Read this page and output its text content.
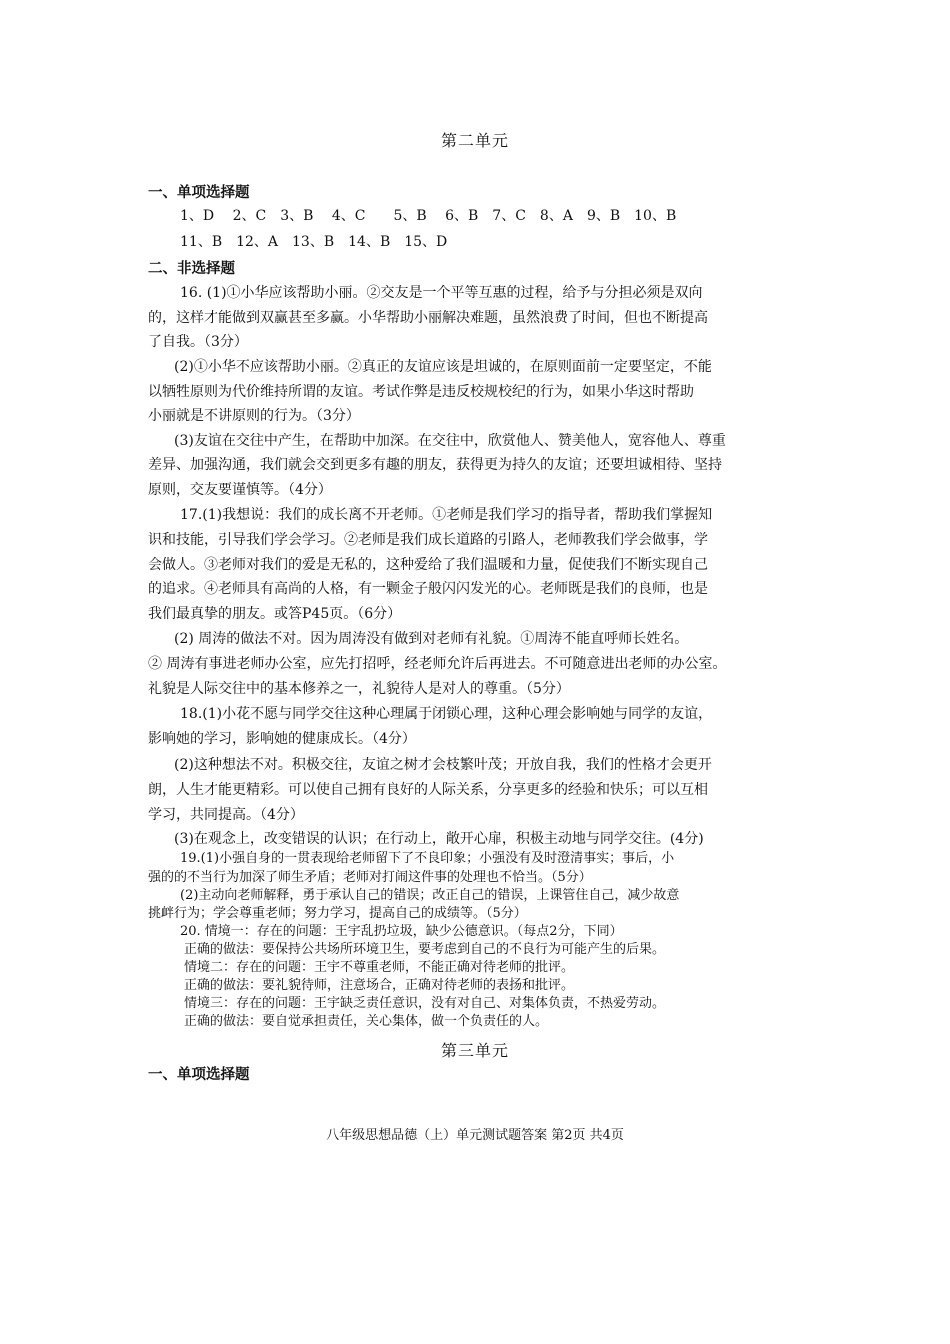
第二单元
一、单项选择题
1、D　 2、C　3、B　 4、C　　5、B　 6、B　7、C　8、A　9、B　10、B
11、B　12、A　13、B　14、B　15、D
二、非选择题
16. (1)①小华应该帮助小丽。②交友是一个平等互惠的过程，给予与分担必须是双向
的，这样才能做到双赢甚至多赢。小华帮助小丽解决难题，虽然浪费了时间，但也不断提高
了自我。（3分）
(2)①小华不应该帮助小丽。②真正的友谊应该是坦诚的，在原则面前一定要坚定，不能
以牺牲原则为代价维持所谓的友谊。考试作弊是违反校规校纪的行为，如果小华这时帮助
小丽就是不讲原则的行为。（3分）
(3)友谊在交往中产生，在帮助中加深。在交往中，欣赏他人、赞美他人，宽容他人、尊重
差异、加强沟通，我们就会交到更多有趣的朋友，获得更为持久的友谊；还要坦诚相待、坚持
原则，交友要谨慎等。（4分）
17.(1)我想说：我们的成长离不开老师。①老师是我们学习的指导者，帮助我们掌握知
识和技能，引导我们学会学习。②老师是我们成长道路的引路人，老师教我们学会做事，学
会做人。③老师对我们的爱是无私的，这种爱给了我们温暖和力量，促使我们不断实现自己
的追求。④老师具有高尚的人格，有一颗金子般闪闪发光的心。老师既是我们的良师，也是
我们最真挚的朋友。或答P45页。（6分）
(2) 周涛的做法不对。因为周涛没有做到对老师有礼貌。①周涛不能直呼师长姓名。
② 周涛有事进老师办公室，应先打招呼，经老师允许后再进去。不可随意进出老师的办公室。
礼貌是人际交往中的基本修养之一，礼貌待人是对人的尊重。（5分）
18.(1)小花不愿与同学交往这种心理属于闭锁心理，这种心理会影响她与同学的友谊，
影响她的学习，影响她的健康成长。（4分）
(2)这种想法不对。积极交往，友谊之树才会枝繁叶茂；开放自我，我们的性格才会更开
朗，人生才能更精彩。可以使自己拥有良好的人际关系，分享更多的经验和快乐；可以互相
学习，共同提高。（4分）
(3)在观念上，改变错误的认识；在行动上，敞开心扉，积极主动地与同学交往。(4分)
19.(1)小强自身的一贯表现给老师留下了不良印象；小强没有及时澄清事实；事后，小
强的的不当行为加深了师生矛盾；老师对打闹这件事的处理也不恰当。（5分）
(2)主动向老师解释，勇于承认自己的错误；改正自己的错误，上课管住自己，减少故意
挑衅行为；学会尊重老师；努力学习，提高自己的成绩等。（5分）
20. 情境一：存在的问题：王宇乱扔垃圾，缺少公德意识。（每点2分，下同）
正确的做法：要保持公共场所环境卫生，要考虑到自己的不良行为可能产生的后果。
情境二：存在的问题：王宇不尊重老师，不能正确对待老师的批评。
正确的做法：要礼貌待师，注意场合，正确对待老师的表扬和批评。
情境三：存在的问题：王宇缺乏责任意识，没有对自己、对集体负责，不热爱劳动。
正确的做法：要自觉承担责任，关心集体，做一个负责任的人。
第三单元
一、单项选择题
八年级思想品德（上）单元测试题答案 第2页 共4页
